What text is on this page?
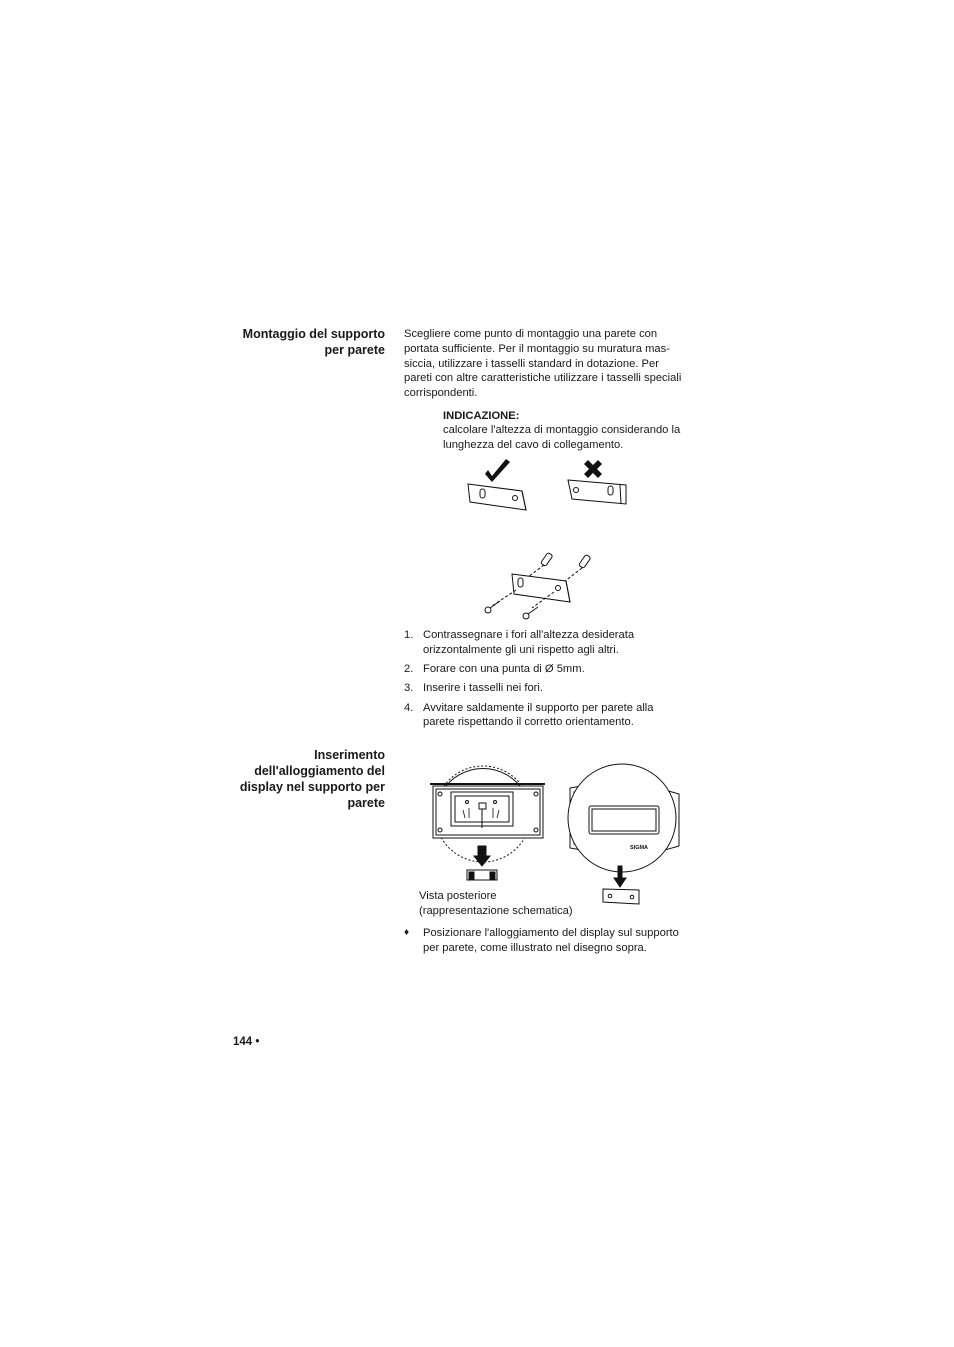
Montaggio del supporto
per parete
Scegliere come punto di montaggio una parete con
portata sufficiente. Per il montaggio su muratura mas-
siccia, utilizzare i tasselli standard in dotazione. Per
pareti con altre caratteristiche utilizzare i tasselli speciali
corrispondenti.
INDICAZIONE:
calcolare l'altezza di montaggio considerando la
lunghezza del cavo di collegamento.
1. Contrassegnare i fori all'altezza desiderata
orizzontalmente gli uni rispetto agli altri.
2. Forare con una punta di Ø 5mm.
3. Inserire i tasselli nei fori.
4. Avvitare saldamente il supporto per parete alla
parete rispettando il corretto orientamento.
Inserimento
dell'alloggiamento del
display nel supporto per
parete
SIGMA
Vista posteriore
(rappresentazione schematica)
♦ Posizionare l'alloggiamento del display sul supporto
per parete, come illustrato nel disegno sopra.
144 •
